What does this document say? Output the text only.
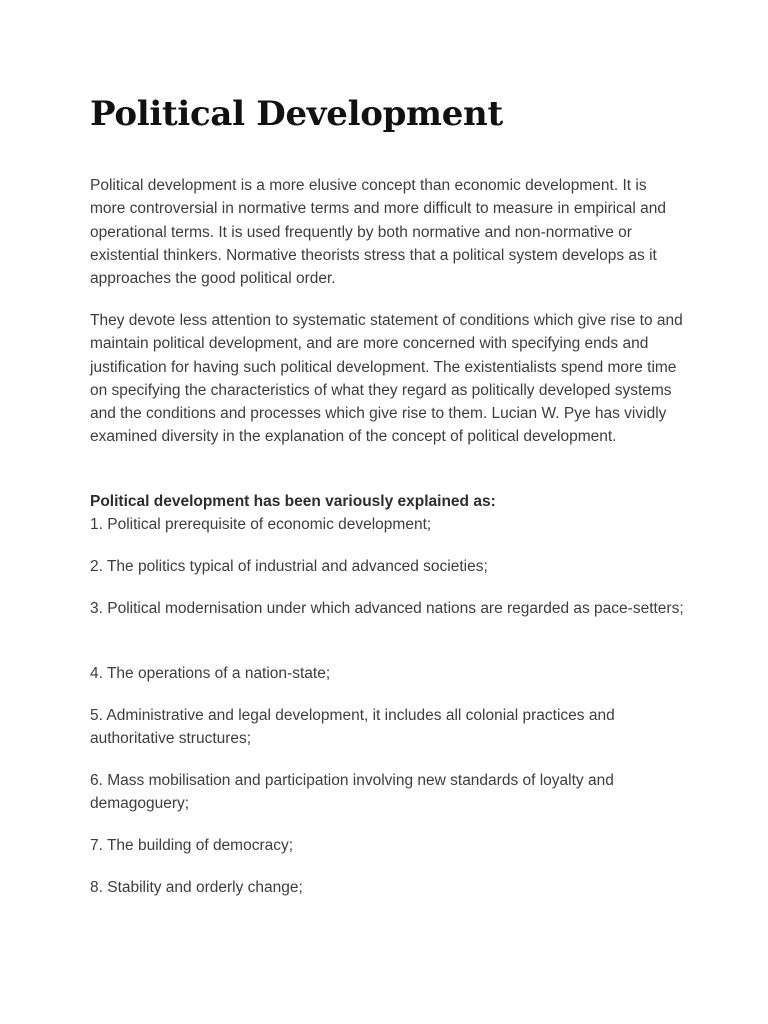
Political Development

Political development is a more elusive concept than economic development. It is more controversial in normative terms and more difficult to measure in empirical and operational terms. It is used frequently by both normative and non-normative or existential thinkers. Normative theorists stress that a political system develops as it approaches the good political order.

They devote less attention to systematic statement of conditions which give rise to and maintain political development, and are more concerned with specifying ends and justification for having such political development. The existentialists spend more time on specifying the characteristics of what they regard as politically developed systems and the conditions and processes which give rise to them. Lucian W. Pye has vividly examined diversity in the explanation of the concept of political development.

Political development has been variously explained as:

1. Political prerequisite of economic development;

2. The politics typical of industrial and advanced societies;

3. Political modernisation under which advanced nations are regarded as pace-setters;

4. The operations of a nation-state;

5. Administrative and legal development, it includes all colonial practices and authoritative structures;

6. Mass mobilisation and participation involving new standards of loyalty and demagoguery;

7. The building of democracy;

8. Stability and orderly change;
